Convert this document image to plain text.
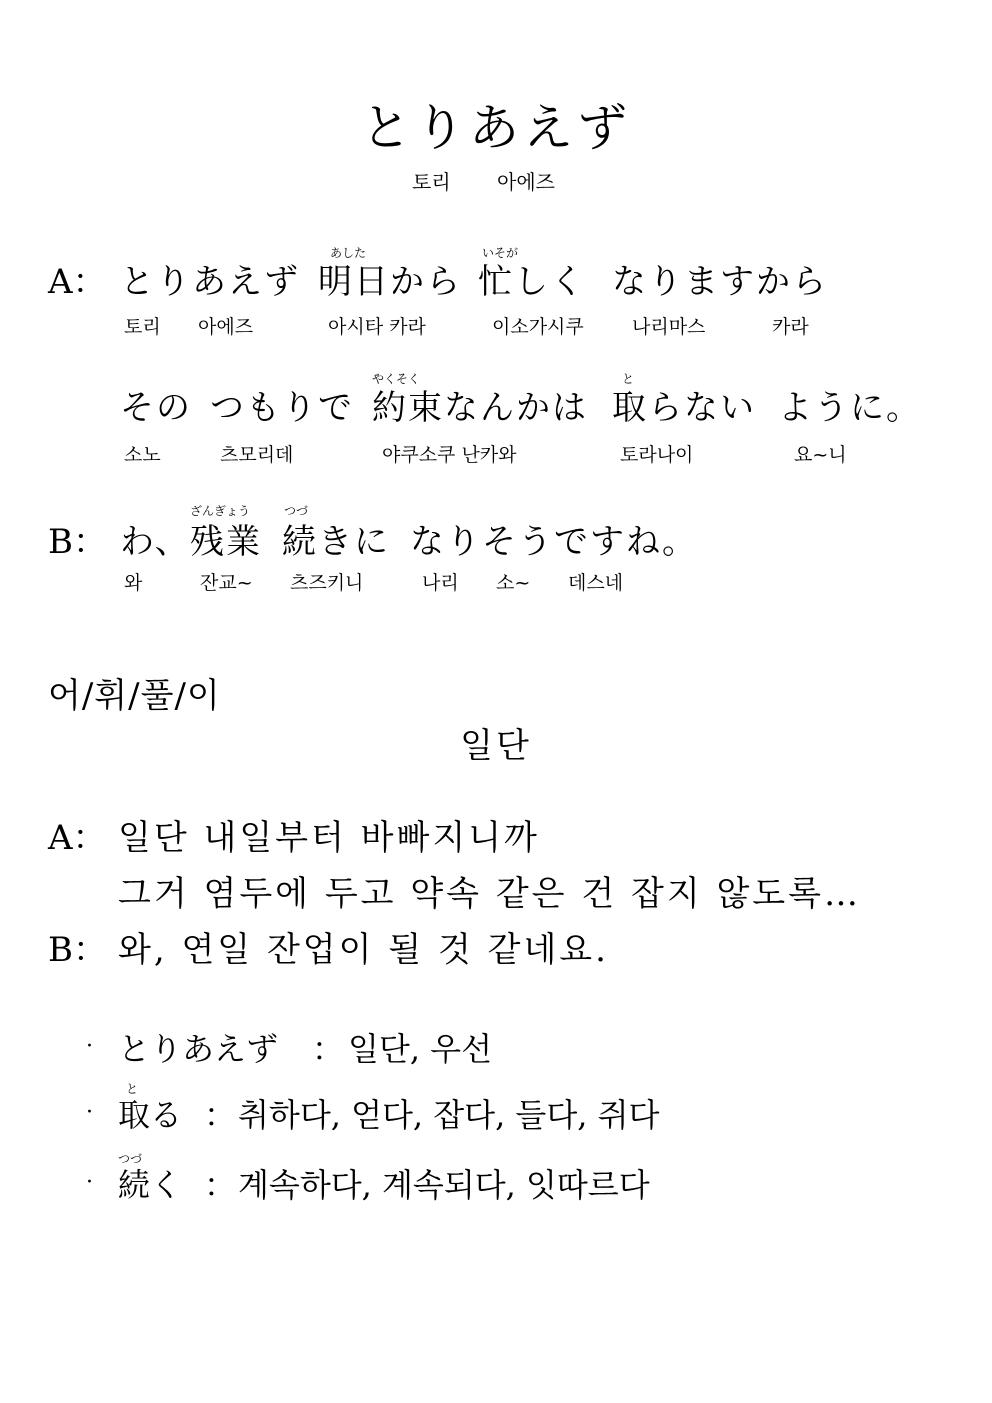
とりあえず
토리 아에즈
A：
あした	いそが
とりあえず 明日から 忙しく なりますから
토리 아에즈	아시타 카라	이소가시쿠	나리마스	카라
やくそく	と
その つもりで 約束なんかは 取らない ように。
소노	츠모리데	야쿠소쿠 난카와	토라나이	요~니
B：
ざんぎょう	つづ
わ、 残業 続きに なりそうですね。
와	잔교~ 츠즈키니	나리 소~ 데스네
어/휘/풀/이
일단
A： 일단 내일부터 바빠지니까
그거 염두에 두고 약속 같은 건 잡지 않도록…
B： 와, 연일 잔업이 될 것 같네요.
· とりあえず ： 일단, 우선
と
· 取る ： 취하다, 얻다, 잡다, 들다, 쥐다
つづ
· 続く ： 계속하다, 계속되다, 잇따르다
